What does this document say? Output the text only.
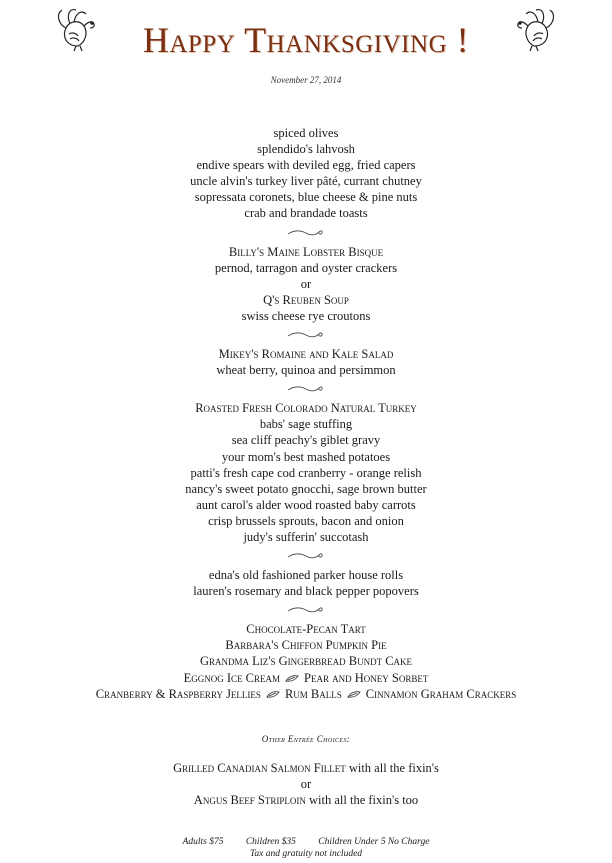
Happy Thanksgiving !
November 27, 2014
spiced olives
splendido's lahvosh
endive spears with deviled egg, fried capers
uncle alvin's turkey liver pâté, currant chutney
sopressata coronets, blue cheese & pine nuts
crab and brandade toasts
Billy's Maine Lobster Bisque
pernod, tarragon and oyster crackers
or
Q's Reuben Soup
swiss cheese rye croutons
Mikey's Romaine and Kale Salad
wheat berry, quinoa and persimmon
Roasted Fresh Colorado Natural Turkey
babs' sage stuffing
sea cliff peachy's giblet gravy
your mom's best mashed potatoes
patti's fresh cape cod cranberry - orange relish
nancy's sweet potato gnocchi, sage brown butter
aunt carol's alder wood roasted baby carrots
crisp brussels sprouts, bacon and onion
judy's sufferin' succotash
edna's old fashioned parker house rolls
lauren's rosemary and black pepper popovers
Chocolate-Pecan Tart
Barbara's Chiffon Pumpkin Pie
Grandma Liz's Gingerbread Bundt Cake
Eggnog Ice Cream Pear and Honey Sorbet
Cranberry & Raspberry Jellies Rum Balls Cinnamon Graham Crackers
Other Entrée Choices:
Grilled Canadian Salmon Fillet with all the fixin's
or
Angus Beef Striploin with all the fixin's too
Adults $75 Children $35 Children Under 5 No Charge
Tax and gratuity not included
